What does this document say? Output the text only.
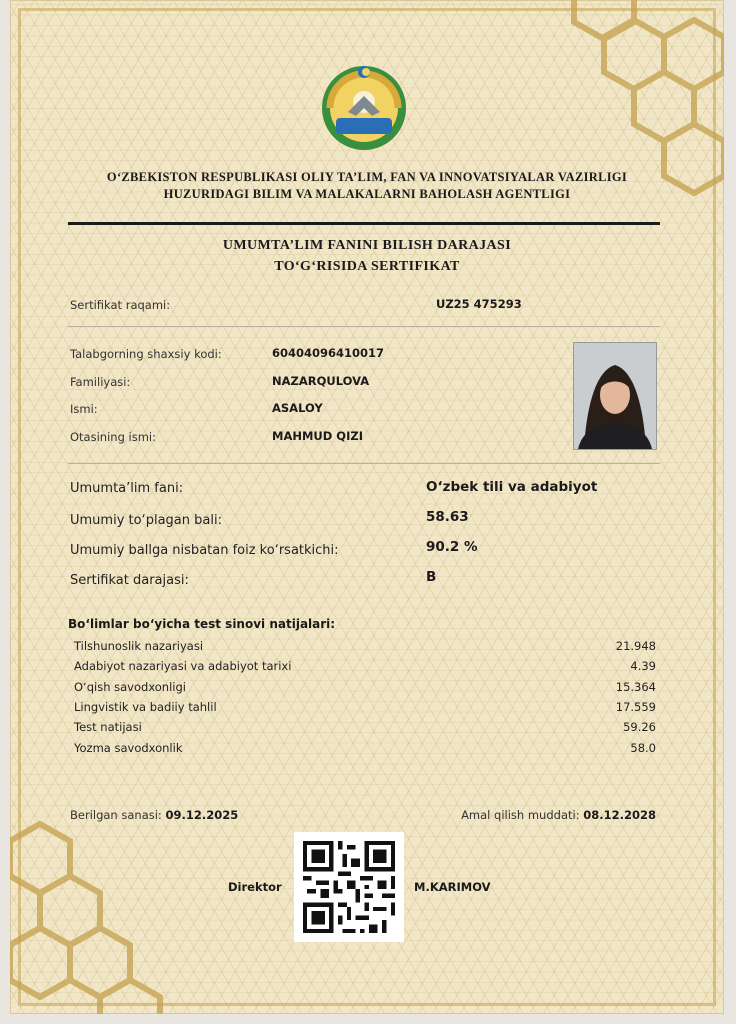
O‘ZBEKISTON RESPUBLIKASI OLIY TA’LIM, FAN VA INNOVATSIYALAR VAZIRLIGI
HUZURIDAGI BILIM VA MALAKALARNI BAHOLASH AGENTLIGI
UMUMTA’LIM FANINI BILISH DARAJASI
TO‘G‘RISIDA SERTIFIKAT
Sertifikat raqami:	UZ25 475293
Talabgorning shaxsiy kodi:	60404096410017
Familiyasi:	NAZARQULOVA
Ismi:	ASALOY
Otasining ismi:	MAHMUD QIZI
Umumta’lim fani:	O‘zbek tili va adabiyot
Umumiy to‘plagan bali:	58.63
Umumiy ballga nisbatan foiz ko‘rsatkichi:	90.2 %
Sertifikat darajasi:	B
Bo‘limlar bo‘yicha test sinovi natijalari:
Tilshunoslik nazariyasi	21.948
Adabiyot nazariyasi va adabiyot tarixi	4.39
O‘qish savodxonligi	15.364
Lingvistik va badiiy tahlil	17.559
Test natijasi	59.26
Yozma savodxonlik	58.0
Berilgan sanasi: 09.12.2025	Amal qilish muddati: 08.12.2028
Direktor	M.KARIMOV
